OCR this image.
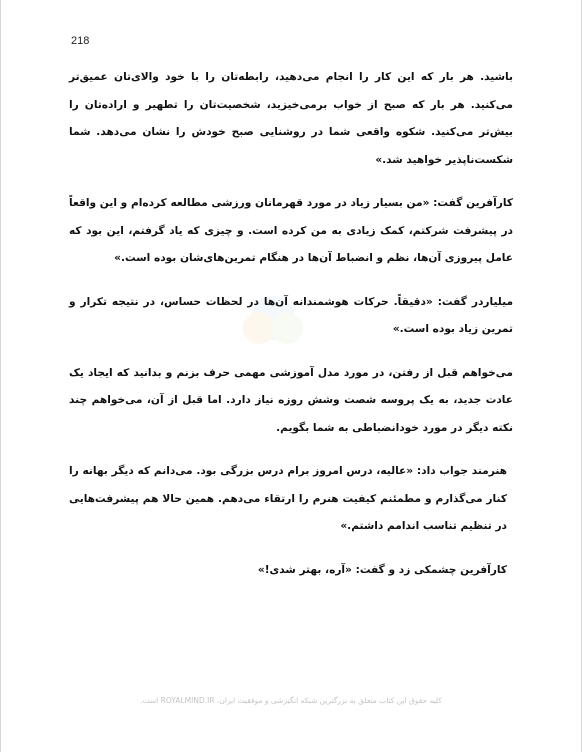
218

باشید. هر بار که این کار را انجام می‌دهید، رابطه‌تان را با خود والای‌تان عمیق‌تر می‌کنید. هر بار که صبح از خواب برمی‌خیزید، شخصیت‌تان را تطهیر و اراده‌تان را بیش‌تر می‌کنید. شکوه واقعی شما در روشنایی صبح خودش را نشان می‌دهد. شما شکست‌ناپذیر خواهید شد.»

کارآفرین گفت: «من بسیار زیاد در مورد قهرمانان ورزشی مطالعه کرده‌ام و این واقعاً در پیشرفت شرکتم، کمک زیادی به من کرده است. و چیزی که یاد گرفتم، این بود که عامل پیروزی آن‌ها، نظم و انضباط آن‌ها در هنگام تمرین‌های‌شان بوده است.»

میلیاردر گفت: «دقیقاً. حرکات هوشمندانه آن‌ها در لحظات حساس، در نتیجه تکرار و تمرین زیاد بوده است.»

می‌خواهم قبل از رفتن، در مورد مدل آموزشی مهمی حرف بزنم و بدانید که ایجاد یک عادت جدید، به یک پروسه شصت وشش روزه نیاز دارد. اما قبل از آن، می‌خواهم چند نکته دیگر در مورد خودانضباطی به شما بگویم.

هنرمند جواب داد: «عالیه، درس امروز برام درس بزرگی بود. می‌دانم که دیگر بهانه را کنار می‌گذارم و مطمئنم کیفیت هنرم را ارتقاء می‌دهم. همین حالا هم پیشرفت‌هایی در تنظیم تناسب اندامم داشتم.»

کارآفرین چشمکی زد و گفت: «آره، بهتر شدی!»

کلیه حقوق این کتاب متعلق به بزرگترین شبکه انگیزشی و موفقیت ایران، ROYALMIND.IR است.
